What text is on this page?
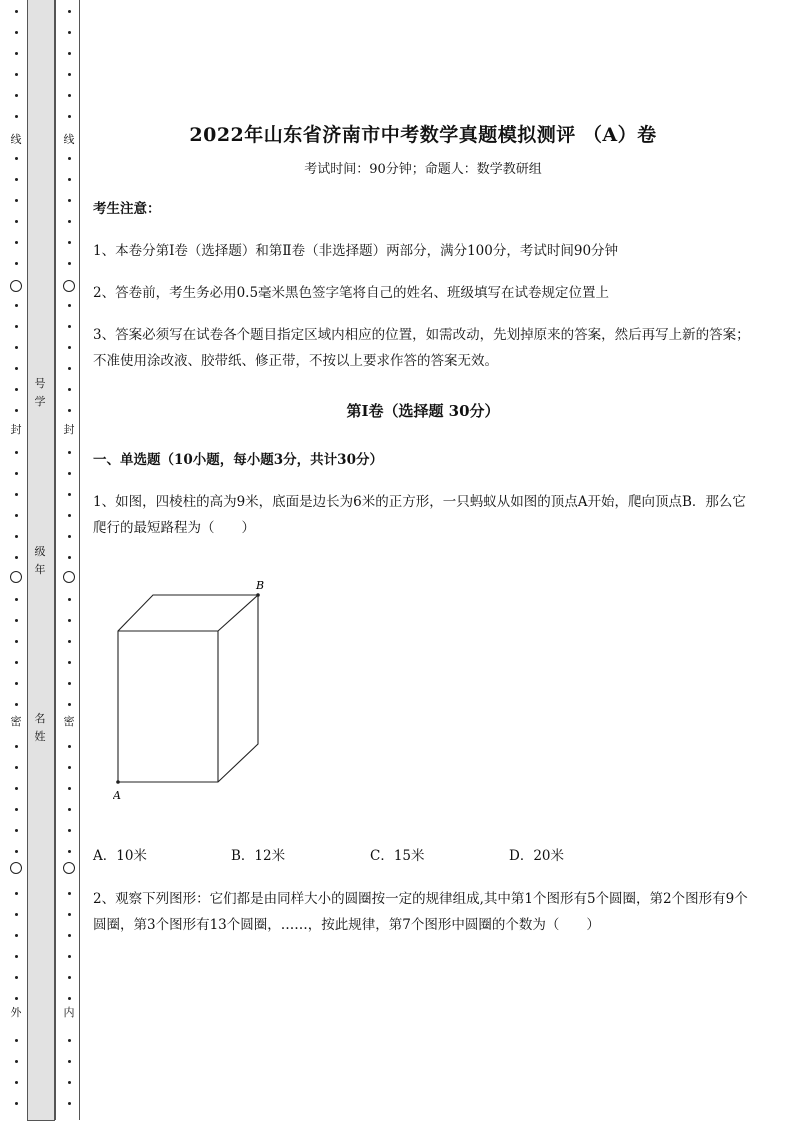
线
封
密
外
线
封
密
内
号学
级年
名姓
2022年山东省济南市中考数学真题模拟测评 （A）卷
考试时间：90分钟；命题人：数学教研组
考生注意：
1、本卷分第Ⅰ卷（选择题）和第Ⅱ卷（非选择题）两部分，满分100分，考试时间90分钟
2、答卷前，考生务必用0.5毫米黑色签字笔将自己的姓名、班级填写在试卷规定位置上
3、答案必须写在试卷各个题目指定区域内相应的位置，如需改动，先划掉原来的答案，然后再写上新的答案；不准使用涂改液、胶带纸、修正带，不按以上要求作答的答案无效。
第Ⅰ卷（选择题 30分）
一、单选题（10小题，每小题3分，共计30分）
1、如图，四棱柱的高为9米，底面是边长为6米的正方形，一只蚂蚁从如图的顶点A开始，爬向顶点B．那么它爬行的最短路程为（　　）
A
B
A．10米	B．12米	C．15米	D．20米
2、观察下列图形：它们都是由同样大小的圆圈按一定的规律组成,其中第1个图形有5个圆圈，第2个图形有9个圆圈，第3个图形有13个圆圈，……，按此规律，第7个图形中圆圈的个数为（　　）
